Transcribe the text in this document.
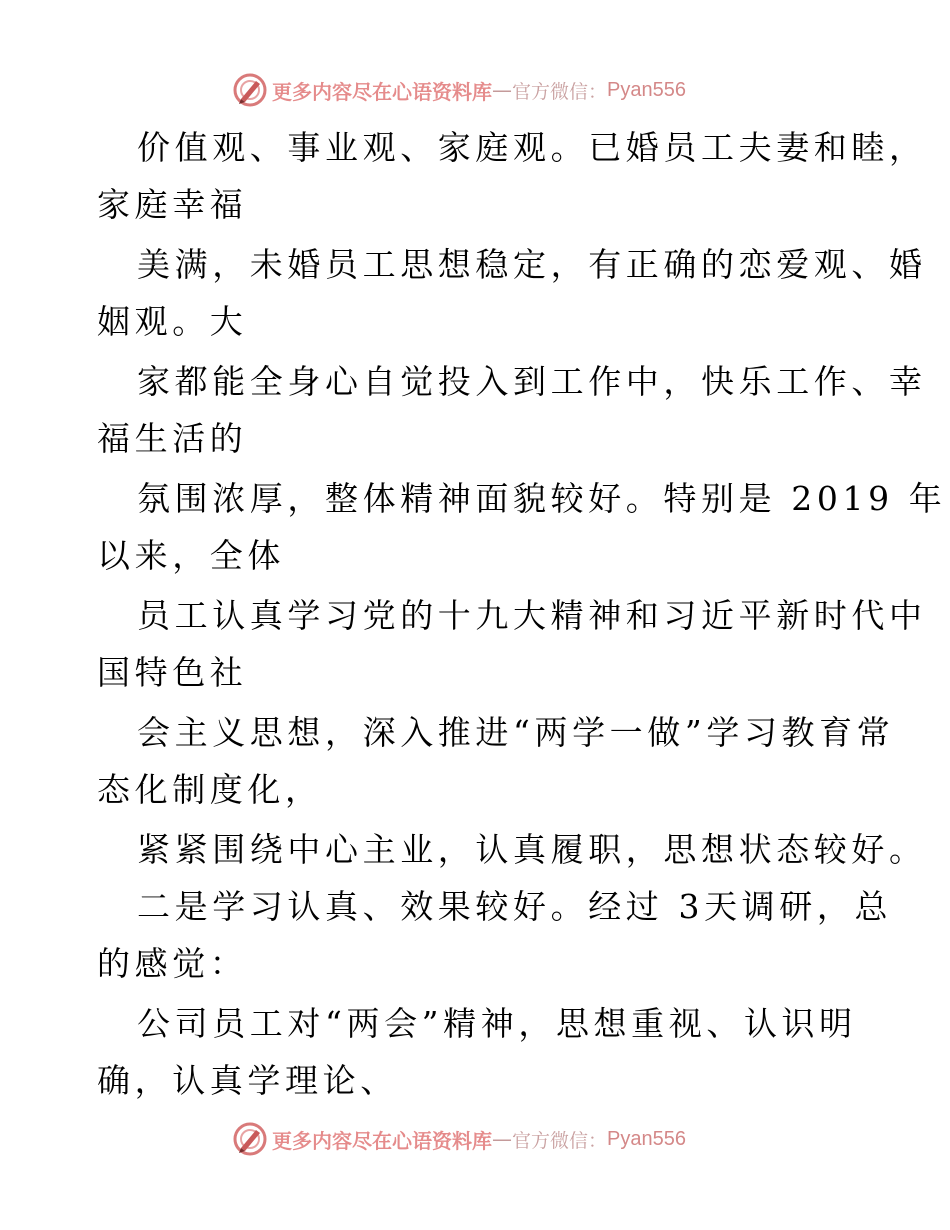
更多内容尽在心语资料库 — 官方微信： Pyan556
价值观、事业观、家庭观。已婚员工夫妻和睦，
家庭幸福
美满，未婚员工思想稳定，有正确的恋爱观、婚
姻观。大
家都能全身心自觉投入到工作中，快乐工作、幸
福生活的
氛围浓厚，整体精神面貌较好。特别是 2019 年
以来，全体
员工认真学习党的十九大精神和习近平新时代中
国特色社
会主义思想，深入推进“两学一做”学习教育常
态化制度化，
紧紧围绕中心主业，认真履职，思想状态较好。
二是学习认真、效果较好。经过 3天调研，总
的感觉：
公司员工对“两会”精神，思想重视、认识明
确，认真学理论、
更多内容尽在心语资料库 — 官方微信： Pyan556
